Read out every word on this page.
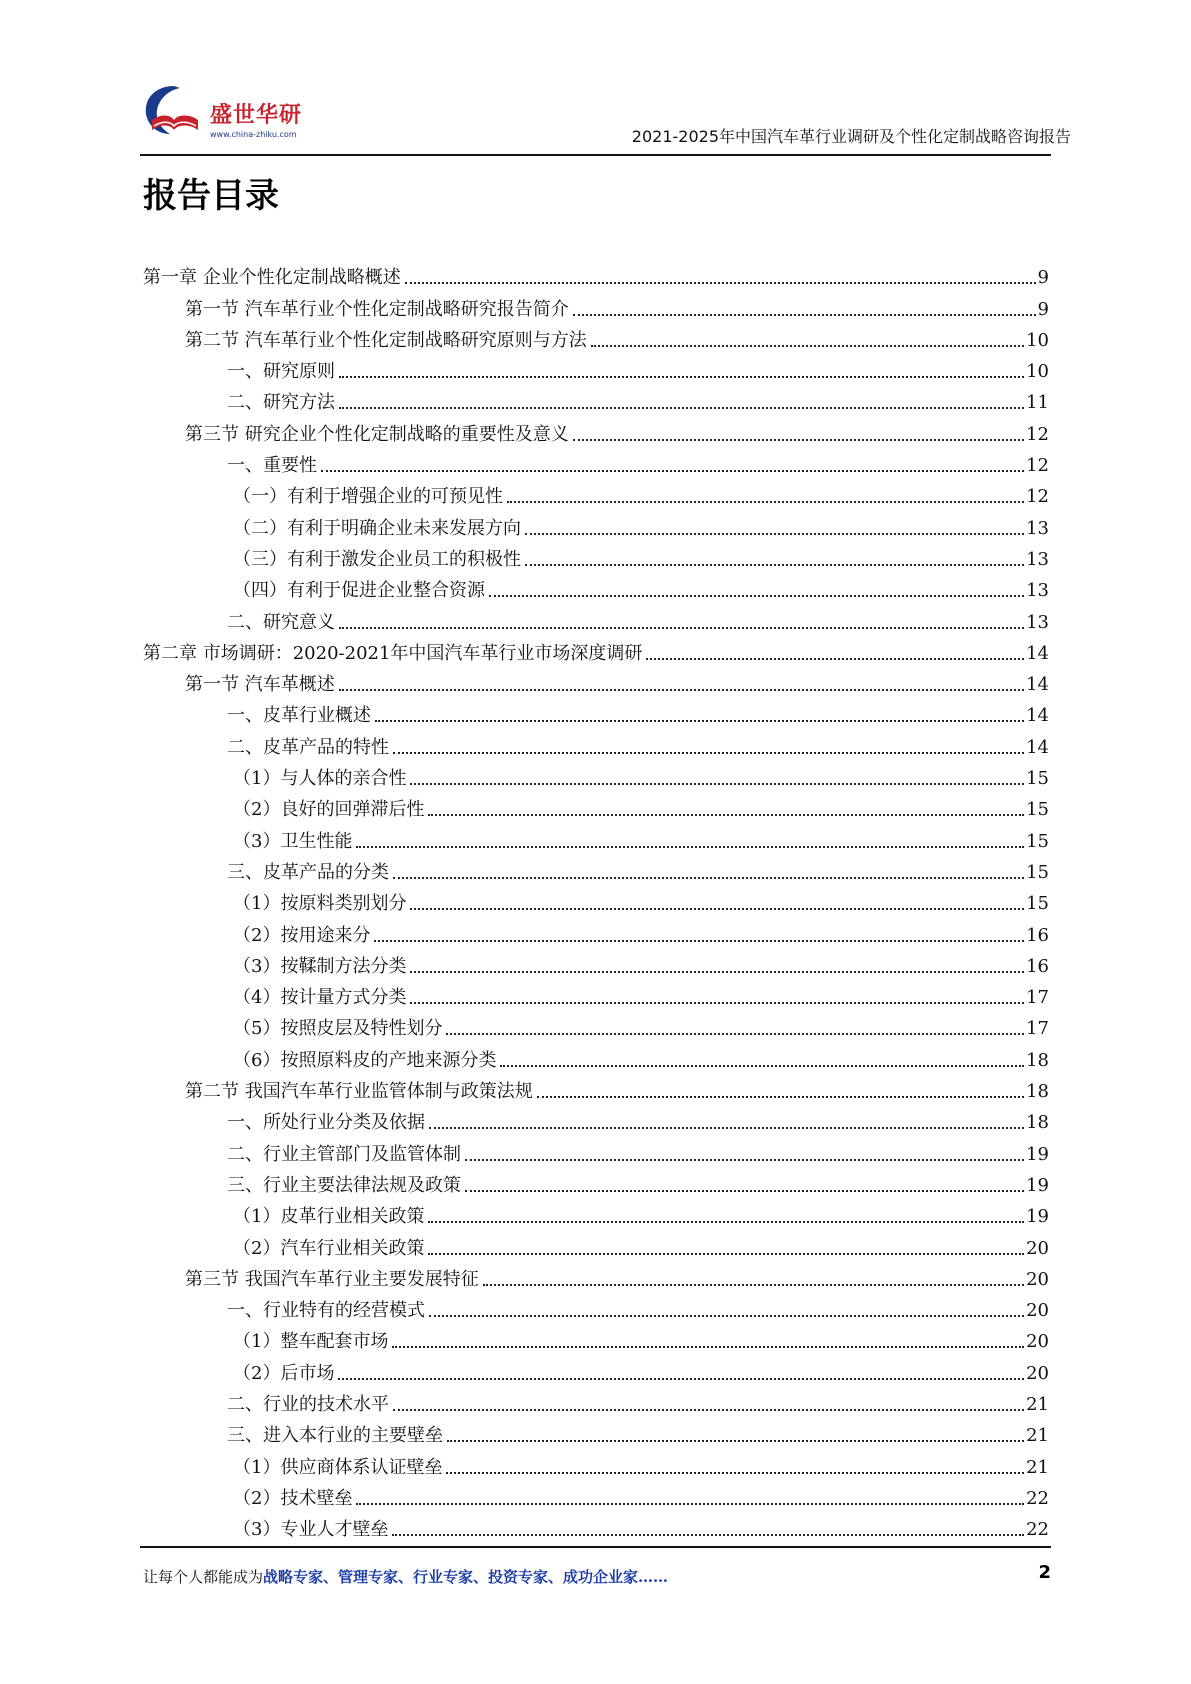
盛世华研
www.china-zhiku.com	2021-2025年中国汽车革行业调研及个性化定制战略咨询报告
报告目录
第一章 企业个性化定制战略概述	9
第一节 汽车革行业个性化定制战略研究报告简介	9
第二节 汽车革行业个性化定制战略研究原则与方法	10
一、研究原则	10
二、研究方法	11
第三节 研究企业个性化定制战略的重要性及意义	12
一、重要性	12
（一）有利于增强企业的可预见性	12
（二）有利于明确企业未来发展方向	13
（三）有利于激发企业员工的积极性	13
（四）有利于促进企业整合资源	13
二、研究意义	13
第二章 市场调研：2020-2021年中国汽车革行业市场深度调研	14
第一节 汽车革概述	14
一、皮革行业概述	14
二、皮革产品的特性	14
（1）与人体的亲合性	15
（2）良好的回弹滞后性	15
（3）卫生性能	15
三、皮革产品的分类	15
（1）按原料类别划分	15
（2）按用途来分	16
（3）按鞣制方法分类	16
（4）按计量方式分类	17
（5）按照皮层及特性划分	17
（6）按照原料皮的产地来源分类	18
第二节 我国汽车革行业监管体制与政策法规	18
一、所处行业分类及依据	18
二、行业主管部门及监管体制	19
三、行业主要法律法规及政策	19
（1）皮革行业相关政策	19
（2）汽车行业相关政策	20
第三节 我国汽车革行业主要发展特征	20
一、行业特有的经营模式	20
（1）整车配套市场	20
（2）后市场	20
二、行业的技术水平	21
三、进入本行业的主要壁垒	21
（1）供应商体系认证壁垒	21
（2）技术壁垒	22
（3）专业人才壁垒	22
让每个人都能成为战略专家、管理专家、行业专家、投资专家、成功企业家……	2
